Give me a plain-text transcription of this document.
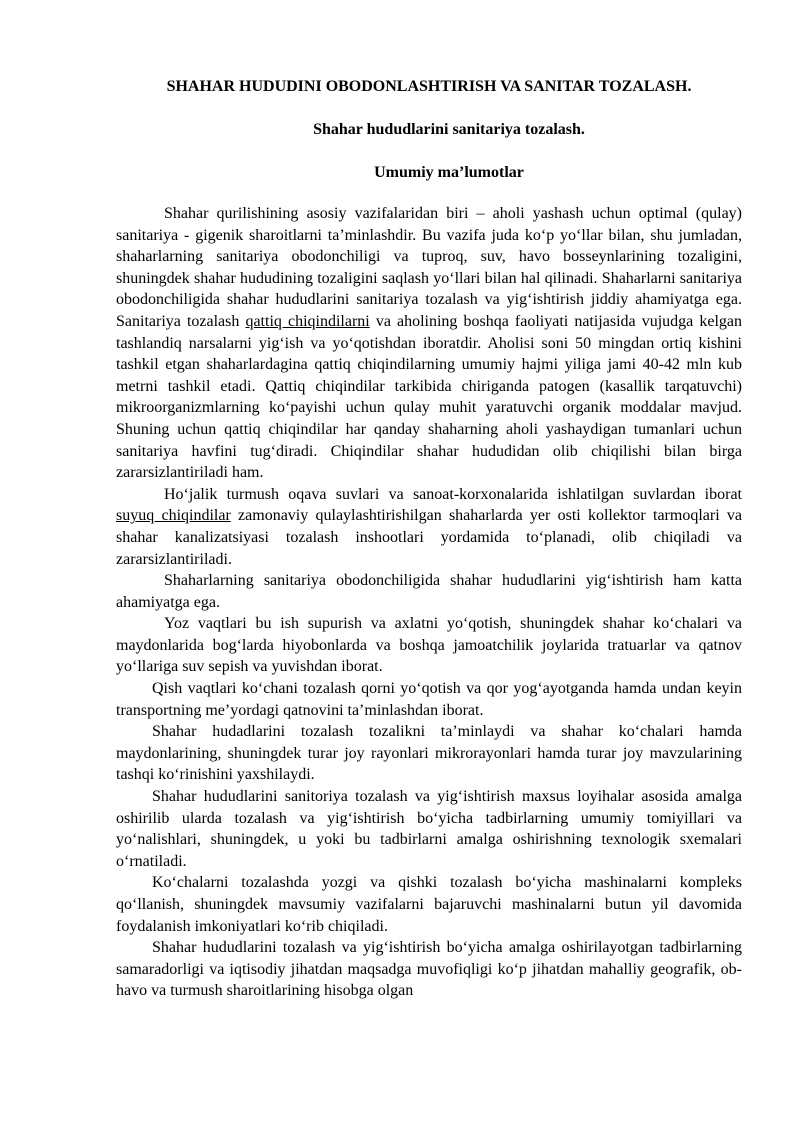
SHAHAR HUDUDINI OBODONLASHTIRISH VA SANITAR TOZALASH.
Shahar hududlarini sanitariya tozalash.
Umumiy ma’lumotlar

Shahar qurilishining asosiy vazifalaridan biri – aholi yashash uchun optimal (qulay) sanitariya - gigenik sharoitlarni ta’minlashdir. Bu vazifa juda ko‘p yo‘llar bilan, shu jumladan, shaharlarning sanitariya obodonchiligi va tuproq, suv, havo bosseynlarining tozaligini, shuningdek shahar hududining tozaligini saqlash yo‘llari bilan hal qilinadi. Shaharlarni sanitariya obodonchiligida shahar hududlarini sanitariya tozalash va yig‘ishtirish jiddiy ahamiyatga ega. Sanitariya tozalash qattiq chiqindilarni va aholining boshqa faoliyati natijasida vujudga kelgan tashlandiq narsalarni yig‘ish va yo‘qotishdan iboratdir. Aholisi soni 50 mingdan ortiq kishini tashkil etgan shaharlardagina qattiq chiqindilarning umumiy hajmi yiliga jami 40-42 mln kub metrni tashkil etadi. Qattiq chiqindilar tarkibida chiriganda patogen (kasallik tarqatuvchi) mikroorganizmlarning ko‘payishi uchun qulay muhit yaratuvchi organik moddalar mavjud. Shuning uchun qattiq chiqindilar har qanday shaharning aholi yashaydigan tumanlari uchun sanitariya havfini tug‘diradi. Chiqindilar shahar hududidan olib chiqilishi bilan birga zararsizlantiriladi ham.

Ho‘jalik turmush oqava suvlari va sanoat-korxonalarida ishlatilgan suvlardan iborat suyuq chiqindilar zamonaviy qulaylashtirishilgan shaharlarda yer osti kollektor tarmoqlari va shahar kanalizatsiyasi tozalash inshootlari yordamida to‘planadi, olib chiqiladi va zararsizlantiriladi.

Shaharlarning sanitariya obodonchiligida shahar hududlarini yig‘ishtirish ham katta ahamiyatga ega.

Yoz vaqtlari bu ish supurish va axlatni yo‘qotish, shuningdek shahar ko‘chalari va maydonlarida bog‘larda hiyobonlarda va boshqa jamoatchilik joylarida tratuarlar va qatnov yo‘llariga suv sepish va yuvishdan iborat.

Qish vaqtlari ko‘chani tozalash qorni yo‘qotish va qor yog‘ayotganda hamda undan keyin transportning me’yordagi qatnovini ta’minlashdan iborat.

Shahar hudadlarini tozalash tozalikni ta’minlaydi va shahar ko‘chalari hamda maydonlarining, shuningdek turar joy rayonlari mikrorayonlari hamda turar joy mavzularining tashqi ko‘rinishini yaxshilaydi.

Shahar hududlarini sanitoriya tozalash va yig‘ishtirish maxsus loyihalar asosida amalga oshirilib ularda tozalash va yig‘ishtirish bo‘yicha tadbirlarning umumiy tomiyillari va yo‘nalishlari, shuningdek, u yoki bu tadbirlarni amalga oshirishning texnologik sxemalari o‘rnatiladi.

Ko‘chalarni tozalashda yozgi va qishki tozalash bo‘yicha mashinalarni kompleks qo‘llanish, shuningdek mavsumiy vazifalarni bajaruvchi mashinalarni butun yil davomida foydalanish imkoniyatlari ko‘rib chiqiladi.

Shahar hududlarini tozalash va yig‘ishtirish bo‘yicha amalga oshirilayotgan tadbirlarning samaradorligi va iqtisodiy jihatdan maqsadga muvofiqligi ko‘p jihatdan mahalliy geografik, ob-havo va turmush sharoitlarining hisobga olgan
